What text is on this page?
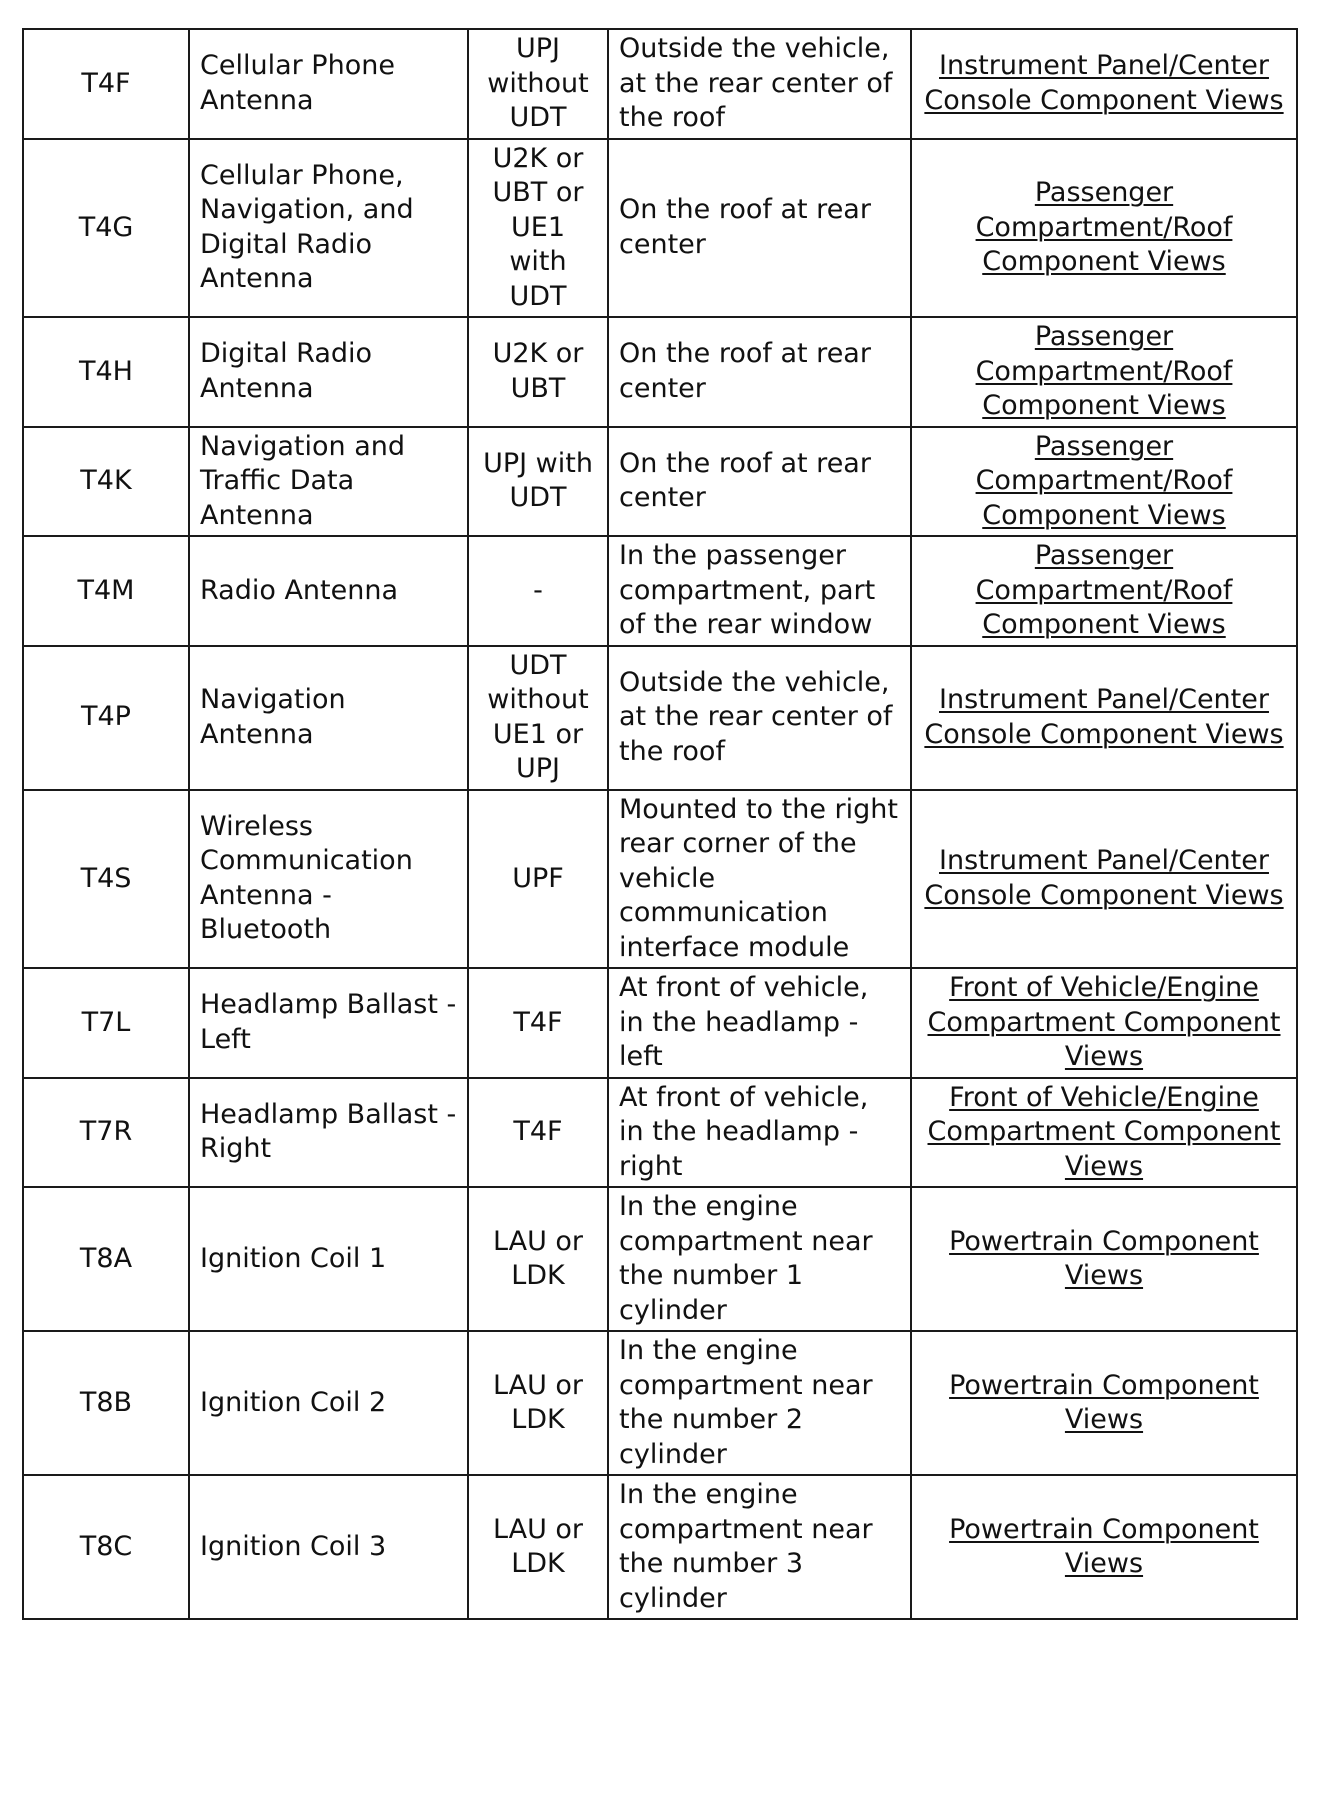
T4F	Cellular Phone Antenna	UPJ without UDT	Outside the vehicle, at the rear center of the roof	Instrument Panel/Center Console Component Views
T4G	Cellular Phone, Navigation, and Digital Radio Antenna	U2K or UBT or UE1 with UDT	On the roof at rear center	Passenger Compartment/Roof Component Views
T4H	Digital Radio Antenna	U2K or UBT	On the roof at rear center	Passenger Compartment/Roof Component Views
T4K	Navigation and Traffic Data Antenna	UPJ with UDT	On the roof at rear center	Passenger Compartment/Roof Component Views
T4M	Radio Antenna	-	In the passenger compartment, part of the rear window	Passenger Compartment/Roof Component Views
T4P	Navigation Antenna	UDT without UE1 or UPJ	Outside the vehicle, at the rear center of the roof	Instrument Panel/Center Console Component Views
T4S	Wireless Communication Antenna - Bluetooth	UPF	Mounted to the right rear corner of the vehicle communication interface module	Instrument Panel/Center Console Component Views
T7L	Headlamp Ballast - Left	T4F	At front of vehicle, in the headlamp - left	Front of Vehicle/Engine Compartment Component Views
T7R	Headlamp Ballast - Right	T4F	At front of vehicle, in the headlamp - right	Front of Vehicle/Engine Compartment Component Views
T8A	Ignition Coil 1	LAU or LDK	In the engine compartment near the number 1 cylinder	Powertrain Component Views
T8B	Ignition Coil 2	LAU or LDK	In the engine compartment near the number 2 cylinder	Powertrain Component Views
T8C	Ignition Coil 3	LAU or LDK	In the engine compartment near the number 3 cylinder	Powertrain Component Views
